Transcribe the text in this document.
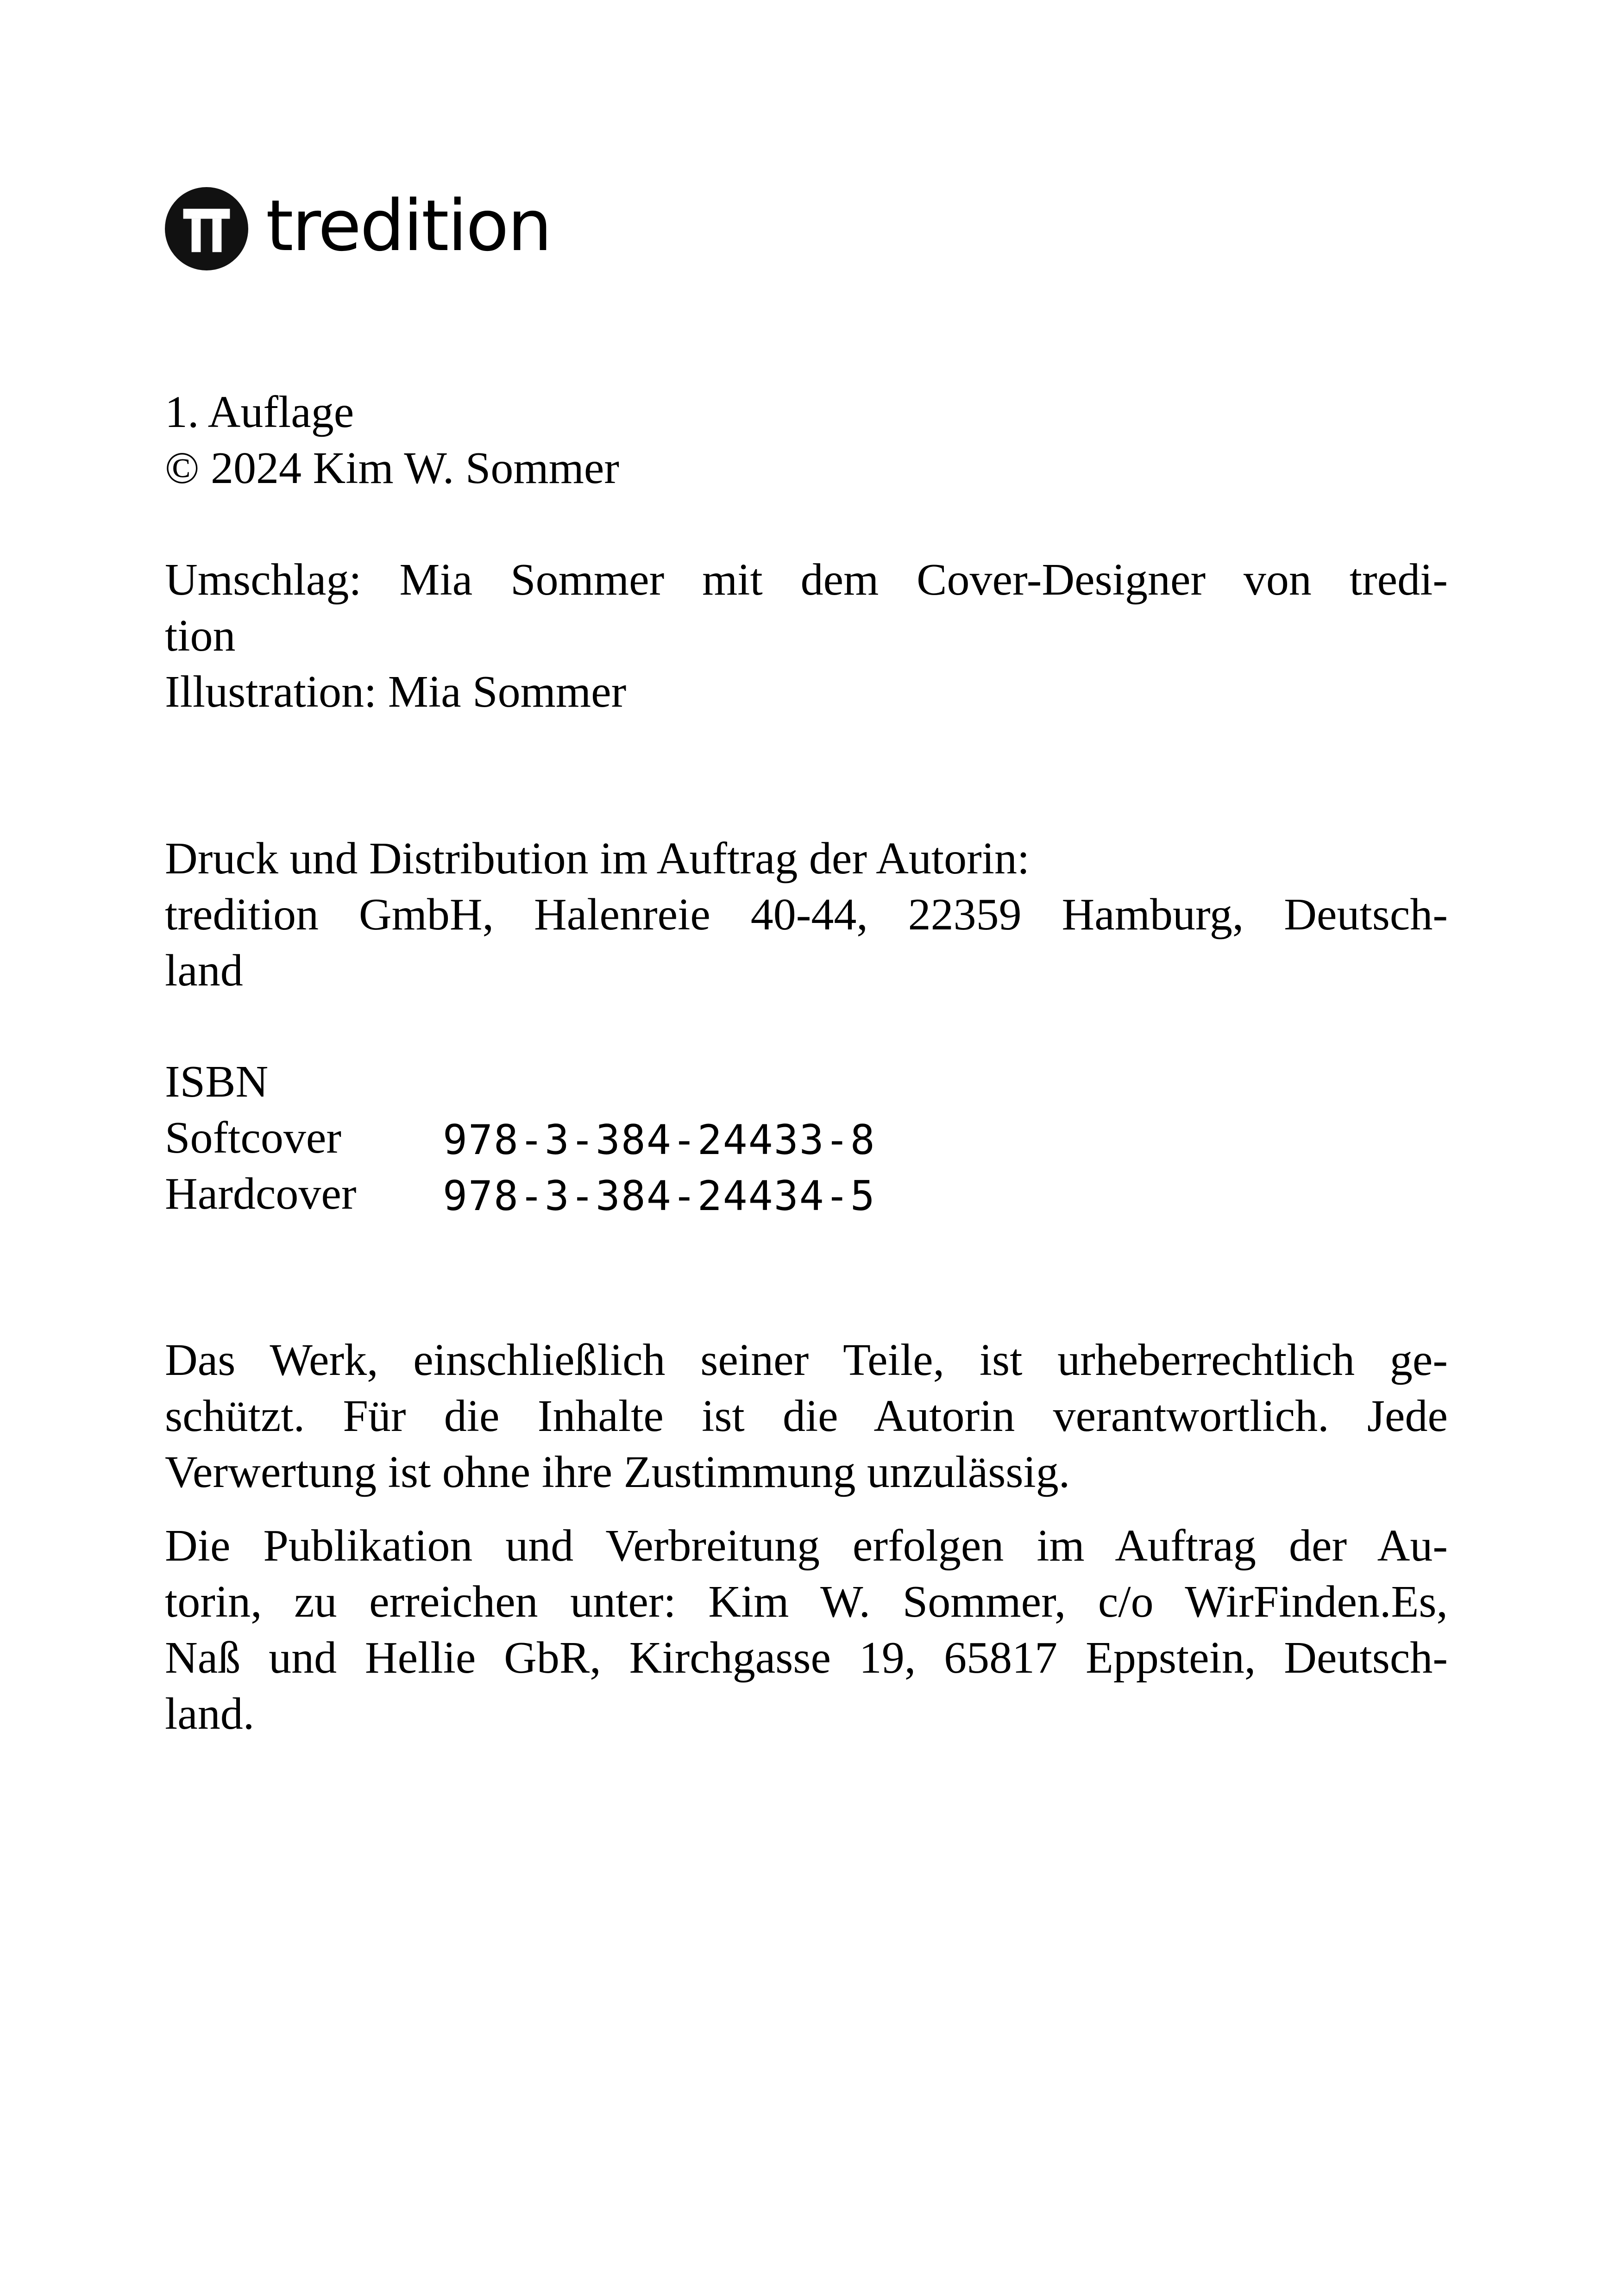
tredition
1. Auflage
© 2024 Kim W. Sommer
Umschlag: Mia Sommer mit dem Cover-Designer von tredi-
tion
Illustration: Mia Sommer
Druck und Distribution im Auftrag der Autorin:
tredition GmbH, Halenreie 40-44, 22359 Hamburg, Deutsch-
land
ISBN
Softcover	978-3-384-24433-8
Hardcover	978-3-384-24434-5
Das Werk, einschließlich seiner Teile, ist urheberrechtlich ge-
schützt. Für die Inhalte ist die Autorin verantwortlich. Jede
Verwertung ist ohne ihre Zustimmung unzulässig.
Die Publikation und Verbreitung erfolgen im Auftrag der Au-
torin, zu erreichen unter: Kim W. Sommer, c/o WirFinden.Es,
Naß und Hellie GbR, Kirchgasse 19, 65817 Eppstein, Deutsch-
land.
